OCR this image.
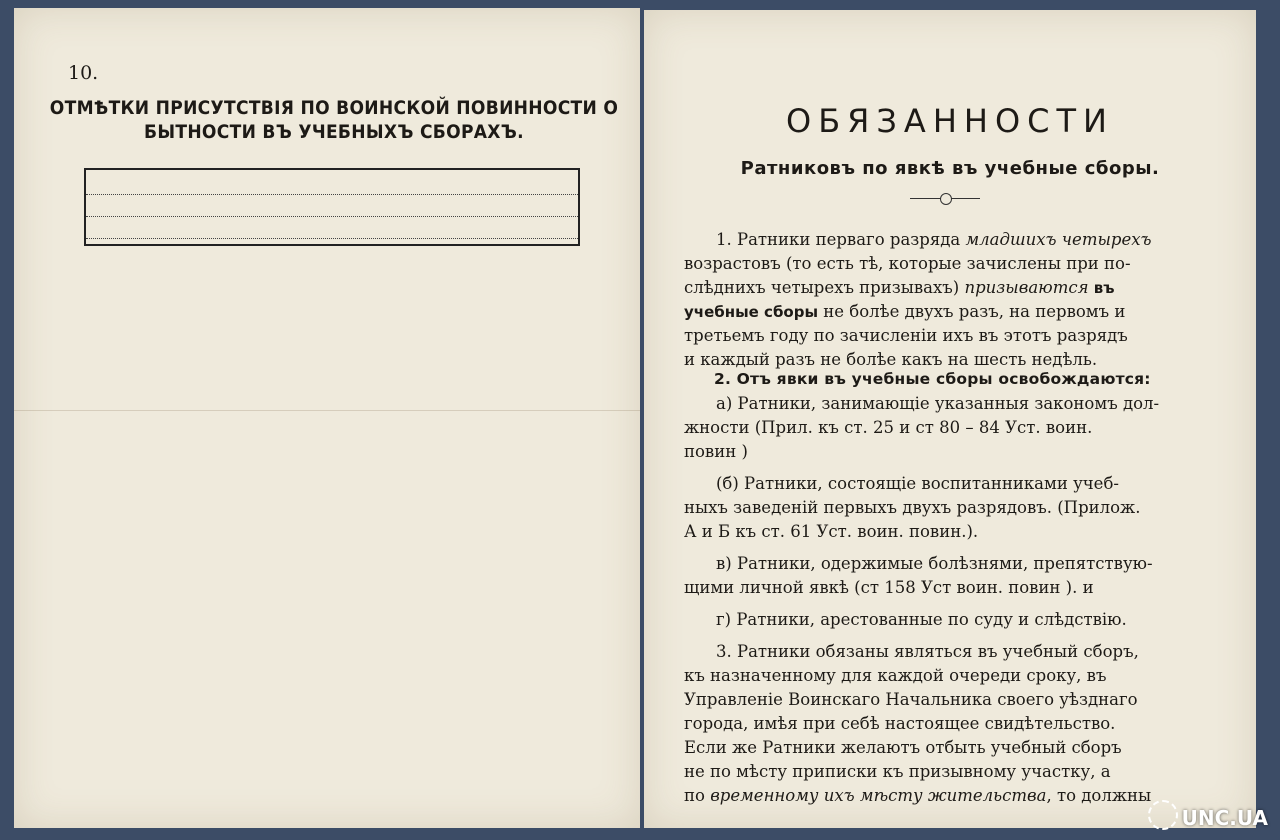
10.
ОТМѢТКИ ПРИСУТСТВІЯ ПО ВОИНСКОЙ ПОВИННОСТИ О
БЫТНОСТИ ВЪ УЧЕБНЫХЪ СБОРАХЪ.	ОБЯЗАННОСТИ
Ратниковъ по явкѣ въ учебные сборы.

1. Ратники перваго разряда младшихъ четырехъ

возрастовъ (то есть тѣ, которые зачислены при по-

слѣднихъ четырехъ призывахъ) призываются въ

учебные сборы не болѣе двухъ разъ, на первомъ и

третьемъ году по зачисленіи ихъ въ этотъ разрядъ

и каждый разъ не болѣе какъ на шесть недѣль.

2. Отъ явки въ учебные сборы освобождаются:

а) Ратники, занимающіе указанныя закономъ дол-

жности (Прил. къ ст. 25 и ст 80 – 84 Уст. воин.

повин )

(б) Ратники, состоящіе воспитанниками учеб-

ныхъ заведеній первыхъ двухъ разрядовъ. (Прилож.

А и Б къ ст. 61 Уст. воин. повин.).

в) Ратники, одержимые болѣзнями, препятствую-

щими личной явкѣ (ст 158 Уст воин. повин ). и

г) Ратники, арестованные по суду и слѣдствію.

3. Ратники обязаны являться въ учебный сборъ,

къ назначенному для каждой очереди сроку, въ

Управленіе Воинскаго Начальника своего уѣзднаго

города, имѣя при себѣ настоящее свидѣтельство.

Если же Ратники желаютъ отбыть учебный сборъ

не по мѣсту приписки къ призывному участку, а

по временному ихъ мѣсту жительства, то должны

UNC.UA
